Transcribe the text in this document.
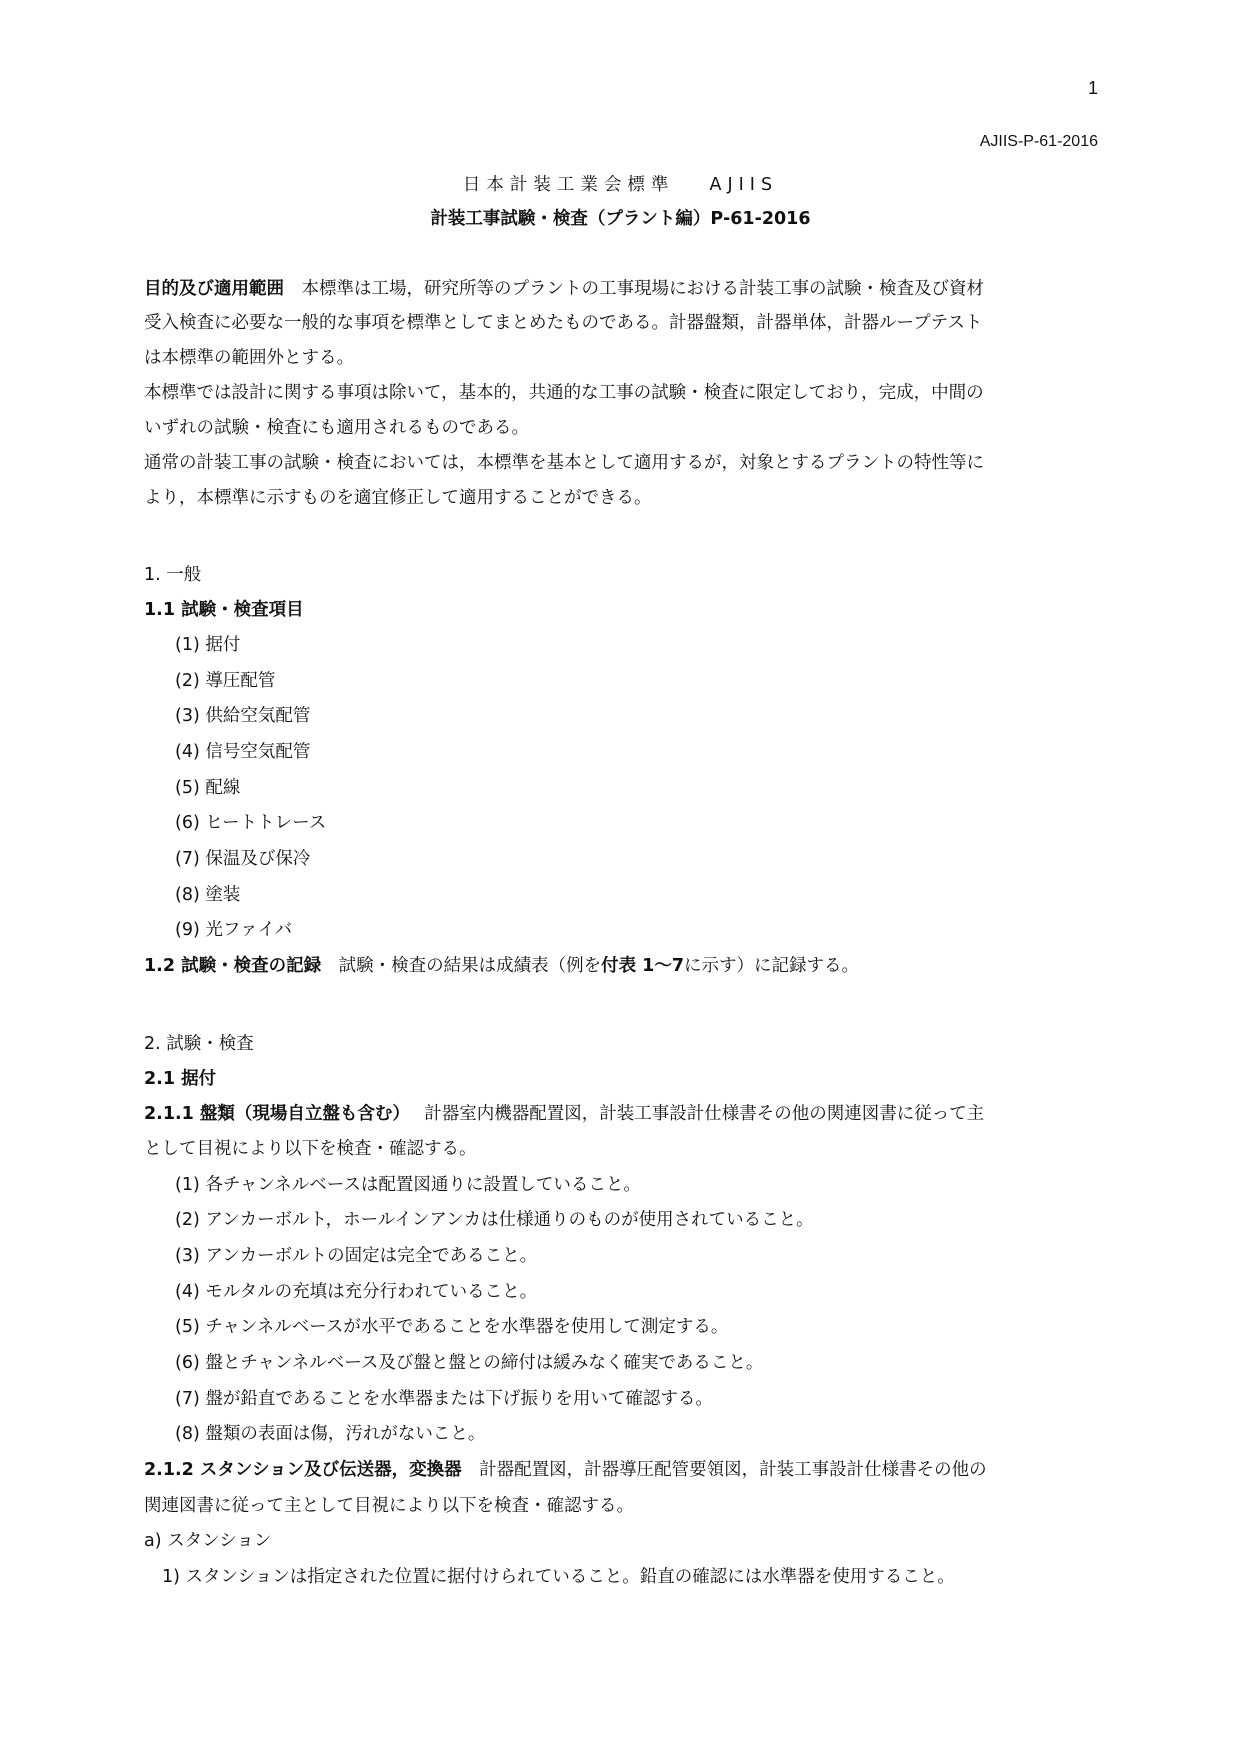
1
AJIIS-P-61-2016
日本計装工業会標準　 AJIIS
計装工事試験・検査（プラント編）P-61-2016
目的及び適用範囲　 本標準は工場，研究所等のプラントの工事現場における計装工事の試験・検査及び資材
受入検査に必要な一般的な事項を標準としてまとめたものである。計器盤類，計器単体，計器ループテスト
は本標準の範囲外とする。
本標準では設計に関する事項は除いて，基本的，共通的な工事の試験・検査に限定しており，完成，中間の
いずれの試験・検査にも適用されるものである。
通常の計装工事の試験・検査においては，本標準を基本として適用するが，対象とするプラントの特性等に
より，本標準に示すものを適宜修正して適用することができる。
1. 一般
1.1 試験・検査項目
(1) 据付
(2) 導圧配管
(3) 供給空気配管
(4) 信号空気配管
(5) 配線
(6) ヒートトレース
(7) 保温及び保冷
(8) 塗装
(9) 光ファイバ
1.2 試験・検査の記録　 試験・検査の結果は成績表（例を付表 1～7に示す）に記録する。
2. 試験・検査
2.1 据付
2.1.1 盤類（現場自立盤も含む）　 計器室内機器配置図，計装工事設計仕様書その他の関連図書に従って主
として目視により以下を検査・確認する。
(1) 各チャンネルベースは配置図通りに設置していること。
(2) アンカーボルト，ホールインアンカは仕様通りのものが使用されていること。
(3) アンカーボルトの固定は完全であること。
(4) モルタルの充填は充分行われていること。
(5) チャンネルベースが水平であることを水準器を使用して測定する。
(6) 盤とチャンネルベース及び盤と盤との締付は緩みなく確実であること。
(7) 盤が鉛直であることを水準器または下げ振りを用いて確認する。
(8) 盤類の表面は傷，汚れがないこと。
2.1.2 スタンション及び伝送器，変換器　 計器配置図，計器導圧配管要領図，計装工事設計仕様書その他の
関連図書に従って主として目視により以下を検査・確認する。
a) スタンション
1) スタンションは指定された位置に据付けられていること。鉛直の確認には水準器を使用すること。
